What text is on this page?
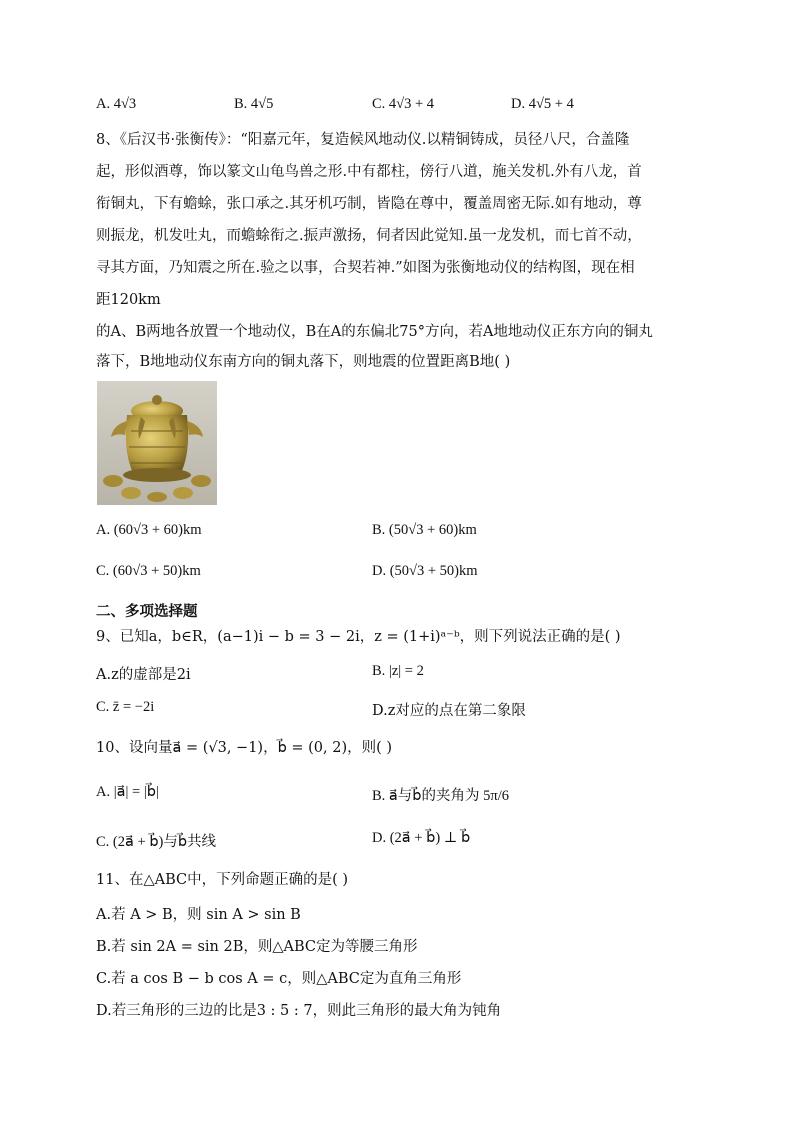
A. 4√3	B. 4√5	C. 4√3 + 4	D. 4√5 + 4
8、《后汉书·张衡传》：“阳嘉元年，复造候风地动仪.以精铜铸成，员径八尺，合盖隆
起，形似酒尊，饰以篆文山龟鸟兽之形.中有都柱，傍行八道，施关发机.外有八龙，首
衔铜丸，下有蟾蜍，张口承之.其牙机巧制，皆隐在尊中，覆盖周密无际.如有地动，尊
则振龙，机发吐丸，而蟾蜍衔之.振声激扬，伺者因此觉知.虽一龙发机，而七首不动，
寻其方面，乃知震之所在.验之以事，合契若神.”如图为张衡地动仪的结构图，现在相
距120km
的A、B两地各放置一个地动仪，B在A的东偏北75°方向，若A地地动仪正东方向的铜丸
落下，B地地动仪东南方向的铜丸落下，则地震的位置距离B地( )
A. (60√3 + 60)km	B. (50√3 + 60)km
C. (60√3 + 50)km	D. (50√3 + 50)km
二、多项选择题
9、已知a，b∈R，(a−1)i − b = 3 − 2i，z = (1+i)ᵃ⁻ᵇ，则下列说法正确的是( )
A.z的虚部是2i	B. |z| = 2
C. z̄ = −2i	D.z对应的点在第二象限
10、设向量a⃗ = (√3, −1)，b⃗ = (0, 2)，则( )
A. |a⃗| = |b⃗|	B. a⃗与b⃗的夹角为 5π/6
C. (2a⃗ + b⃗)与b⃗共线	D. (2a⃗ + b⃗) ⊥ b⃗
11、在△ABC中，下列命题正确的是( )
A.若 A > B，则 sin A > sin B
B.若 sin 2A = sin 2B，则△ABC定为等腰三角形
C.若 a cos B − b cos A = c，则△ABC定为直角三角形
D.若三角形的三边的比是3 : 5 : 7，则此三角形的最大角为钝角
